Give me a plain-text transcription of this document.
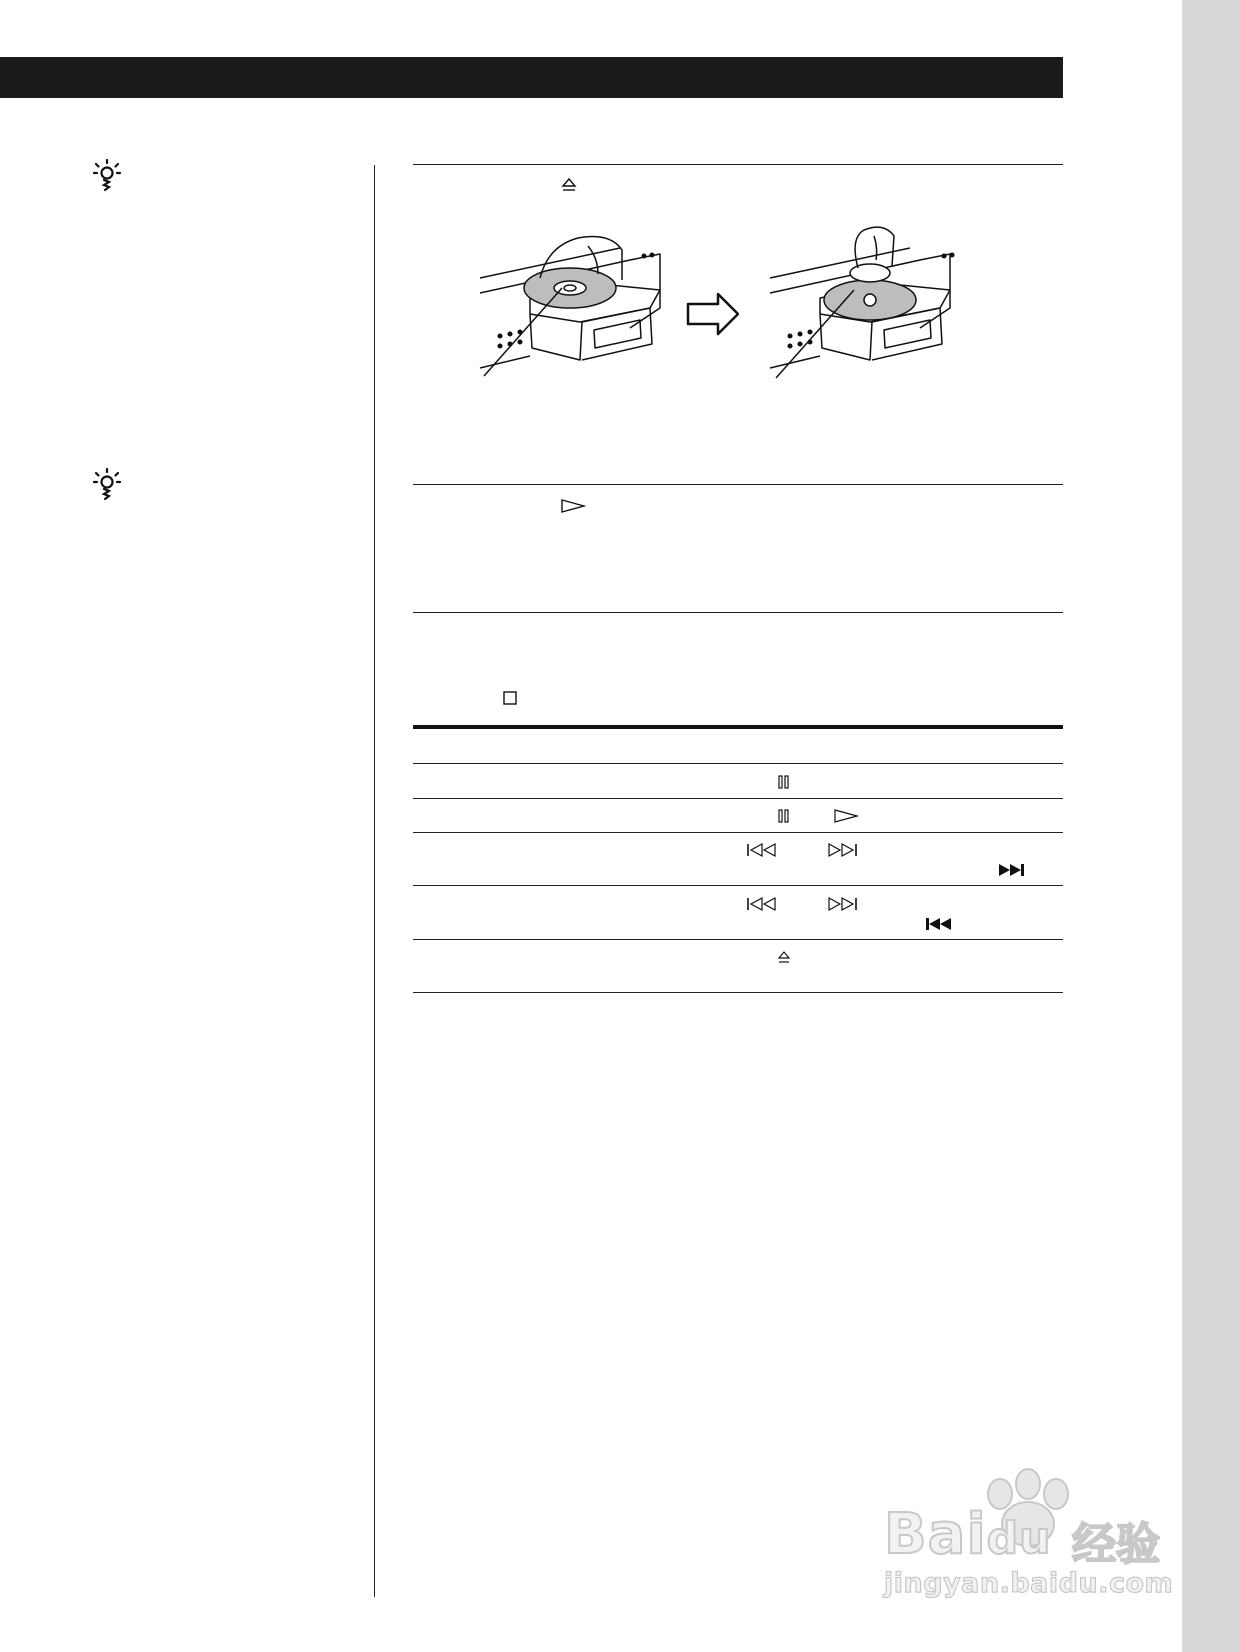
Baidu 经验
jingyan.baidu.com
